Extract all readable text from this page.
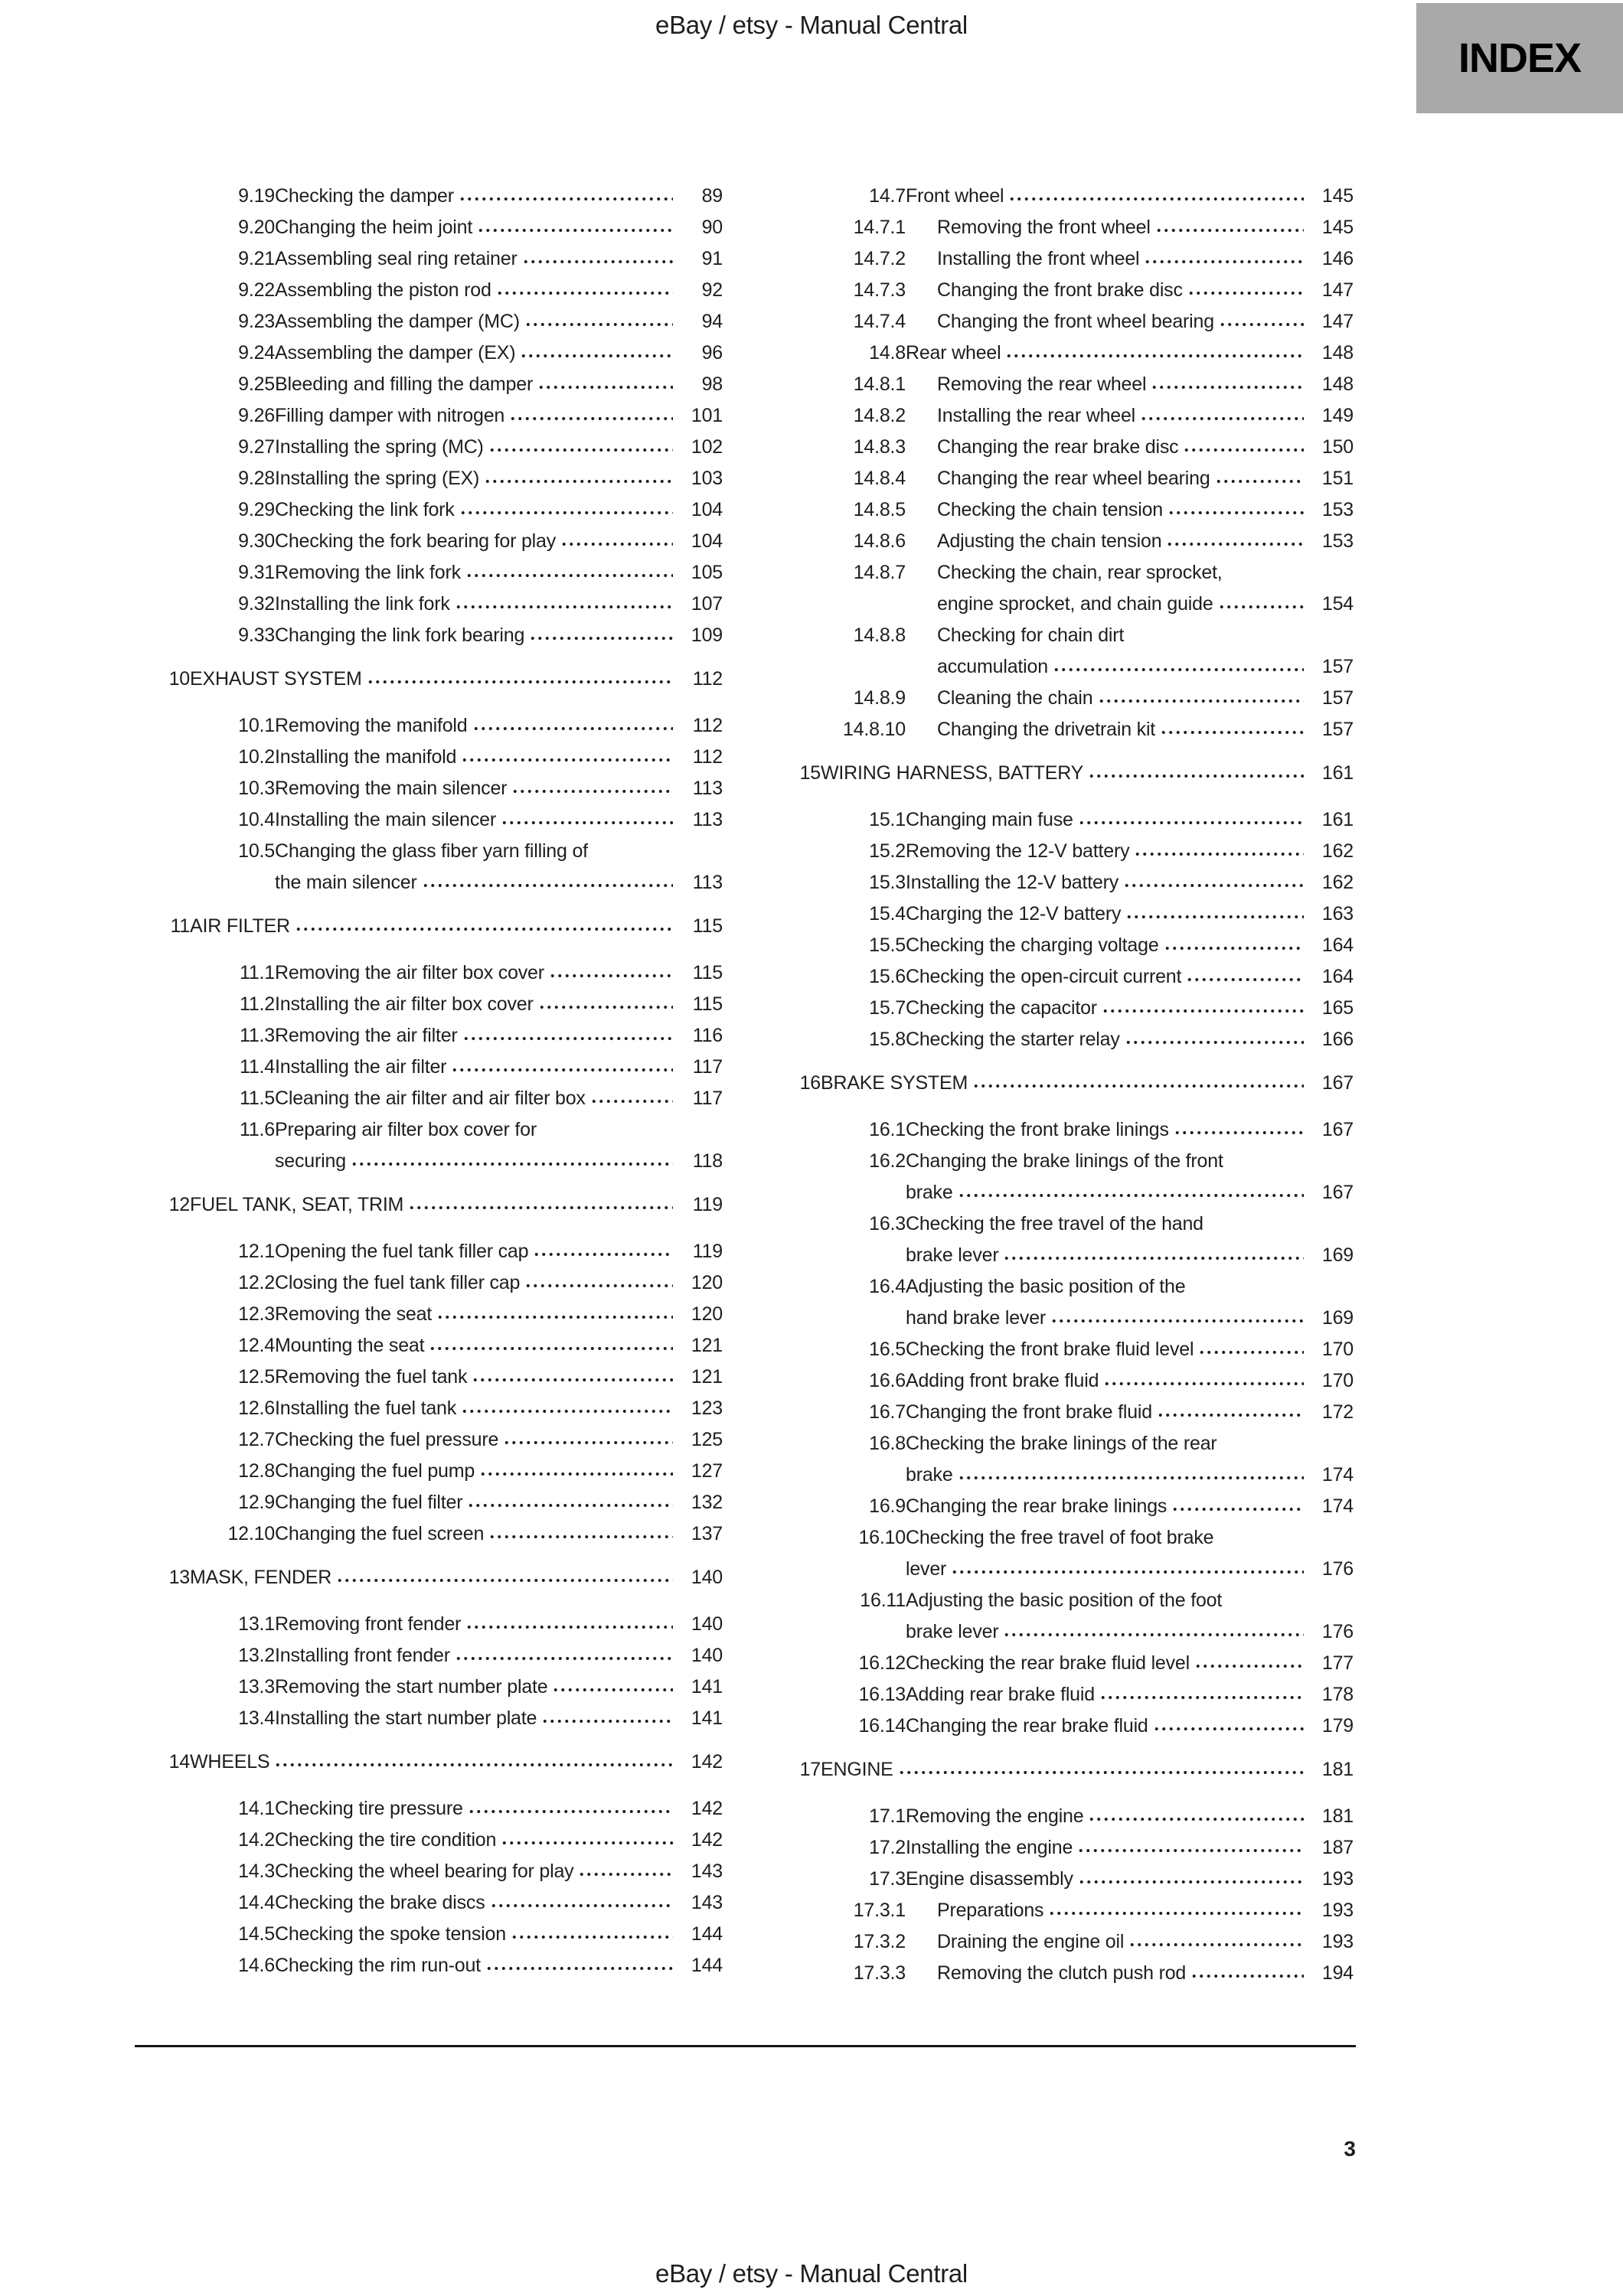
eBay / etsy - Manual Central
INDEX
9.19 Checking the damper	89
9.20 Changing the heim joint	90
9.21 Assembling seal ring retainer	91
9.22 Assembling the piston rod	92
9.23 Assembling the damper (MC)	94
9.24 Assembling the damper (EX)	96
9.25 Bleeding and filling the damper	98
9.26 Filling damper with nitrogen	101
9.27 Installing the spring (MC)	102
9.28 Installing the spring (EX)	103
9.29 Checking the link fork	104
9.30 Checking the fork bearing for play	104
9.31 Removing the link fork	105
9.32 Installing the link fork	107
9.33 Changing the link fork bearing	109
10 EXHAUST SYSTEM	112
10.1 Removing the manifold	112
10.2 Installing the manifold	112
10.3 Removing the main silencer	113
10.4 Installing the main silencer	113
10.5 Changing the glass fiber yarn filling of
the main silencer	113
11 AIR FILTER	115
11.1 Removing the air filter box cover	115
11.2 Installing the air filter box cover	115
11.3 Removing the air filter	116
11.4 Installing the air filter	117
11.5 Cleaning the air filter and air filter box	117
11.6 Preparing air filter box cover for
securing	118
12 FUEL TANK, SEAT, TRIM	119
12.1 Opening the fuel tank filler cap	119
12.2 Closing the fuel tank filler cap	120
12.3 Removing the seat	120
12.4 Mounting the seat	121
12.5 Removing the fuel tank	121
12.6 Installing the fuel tank	123
12.7 Checking the fuel pressure	125
12.8 Changing the fuel pump	127
12.9 Changing the fuel filter	132
12.10 Changing the fuel screen	137
13 MASK, FENDER	140
13.1 Removing front fender	140
13.2 Installing front fender	140
13.3 Removing the start number plate	141
13.4 Installing the start number plate	141
14 WHEELS	142
14.1 Checking tire pressure	142
14.2 Checking the tire condition	142
14.3 Checking the wheel bearing for play	143
14.4 Checking the brake discs	143
14.5 Checking the spoke tension	144
14.6 Checking the rim run-out	144
14.7 Front wheel	145
14.7.1	Removing the front wheel	145
14.7.2	Installing the front wheel	146
14.7.3	Changing the front brake disc	147
14.7.4	Changing the front wheel bearing	147
14.8 Rear wheel	148
14.8.1	Removing the rear wheel	148
14.8.2	Installing the rear wheel	149
14.8.3	Changing the rear brake disc	150
14.8.4	Changing the rear wheel bearing	151
14.8.5	Checking the chain tension	153
14.8.6	Adjusting the chain tension	153
14.8.7	Checking the chain, rear sprocket,
engine sprocket, and chain guide	154
14.8.8	Checking for chain dirt
accumulation	157
14.8.9	Cleaning the chain	157
14.8.10	Changing the drivetrain kit	157
15 WIRING HARNESS, BATTERY	161
15.1 Changing main fuse	161
15.2 Removing the 12-V battery	162
15.3 Installing the 12-V battery	162
15.4 Charging the 12-V battery	163
15.5 Checking the charging voltage	164
15.6 Checking the open-circuit current	164
15.7 Checking the capacitor	165
15.8 Checking the starter relay	166
16 BRAKE SYSTEM	167
16.1 Checking the front brake linings	167
16.2 Changing the brake linings of the front
brake	167
16.3 Checking the free travel of the hand
brake lever	169
16.4 Adjusting the basic position of the
hand brake lever	169
16.5 Checking the front brake fluid level	170
16.6 Adding front brake fluid	170
16.7 Changing the front brake fluid	172
16.8 Checking the brake linings of the rear
brake	174
16.9 Changing the rear brake linings	174
16.10 Checking the free travel of foot brake
lever	176
16.11 Adjusting the basic position of the foot
brake lever	176
16.12 Checking the rear brake fluid level	177
16.13 Adding rear brake fluid	178
16.14 Changing the rear brake fluid	179
17 ENGINE	181
17.1 Removing the engine	181
17.2 Installing the engine	187
17.3 Engine disassembly	193
17.3.1	Preparations	193
17.3.2	Draining the engine oil	193
17.3.3	Removing the clutch push rod	194
3
eBay / etsy - Manual Central
